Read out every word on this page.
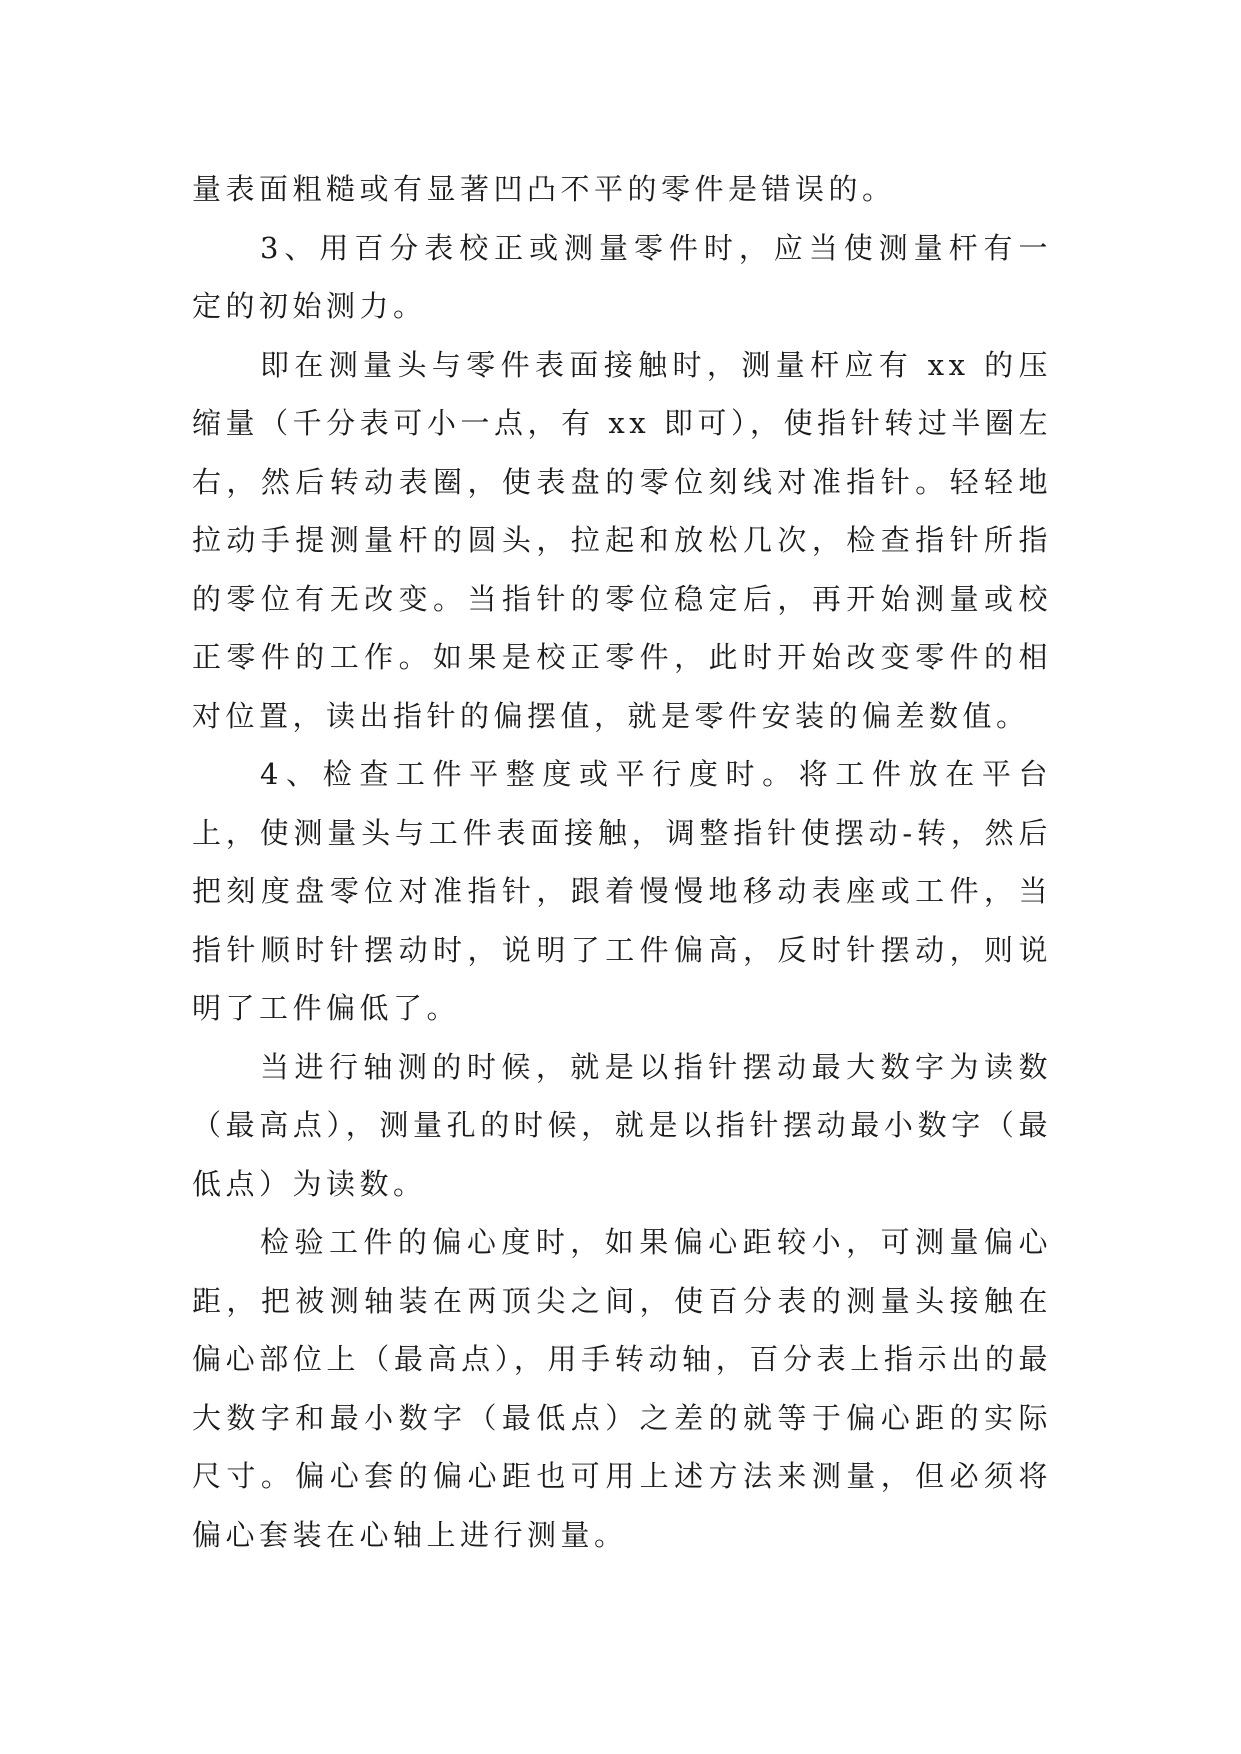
量表面粗糙或有显著凹凸不平的零件是错误的。

3、用百分表校正或测量零件时，应当使测量杆有一定的初始测力。

即在测量头与零件表面接触时，测量杆应有 xx 的压缩量（千分表可小一点，有 xx 即可），使指针转过半圈左右，然后转动表圈，使表盘的零位刻线对准指针。轻轻地拉动手提测量杆的圆头，拉起和放松几次，检查指针所指的零位有无改变。当指针的零位稳定后，再开始测量或校正零件的工作。如果是校正零件，此时开始改变零件的相对位置，读出指针的偏摆值，就是零件安装的偏差数值。

4、检查工件平整度或平行度时。将工件放在平台上，使测量头与工件表面接触，调整指针使摆动-转，然后把刻度盘零位对准指针，跟着慢慢地移动表座或工件，当指针顺时针摆动时，说明了工件偏高，反时针摆动，则说明了工件偏低了。

当进行轴测的时候，就是以指针摆动最大数字为读数（最高点），测量孔的时候，就是以指针摆动最小数字（最低点）为读数。

检验工件的偏心度时，如果偏心距较小，可测量偏心距，把被测轴装在两顶尖之间，使百分表的测量头接触在偏心部位上（最高点），用手转动轴，百分表上指示出的最大数字和最小数字（最低点）之差的就等于偏心距的实际尺寸。偏心套的偏心距也可用上述方法来测量，但必须将偏心套装在心轴上进行测量。
